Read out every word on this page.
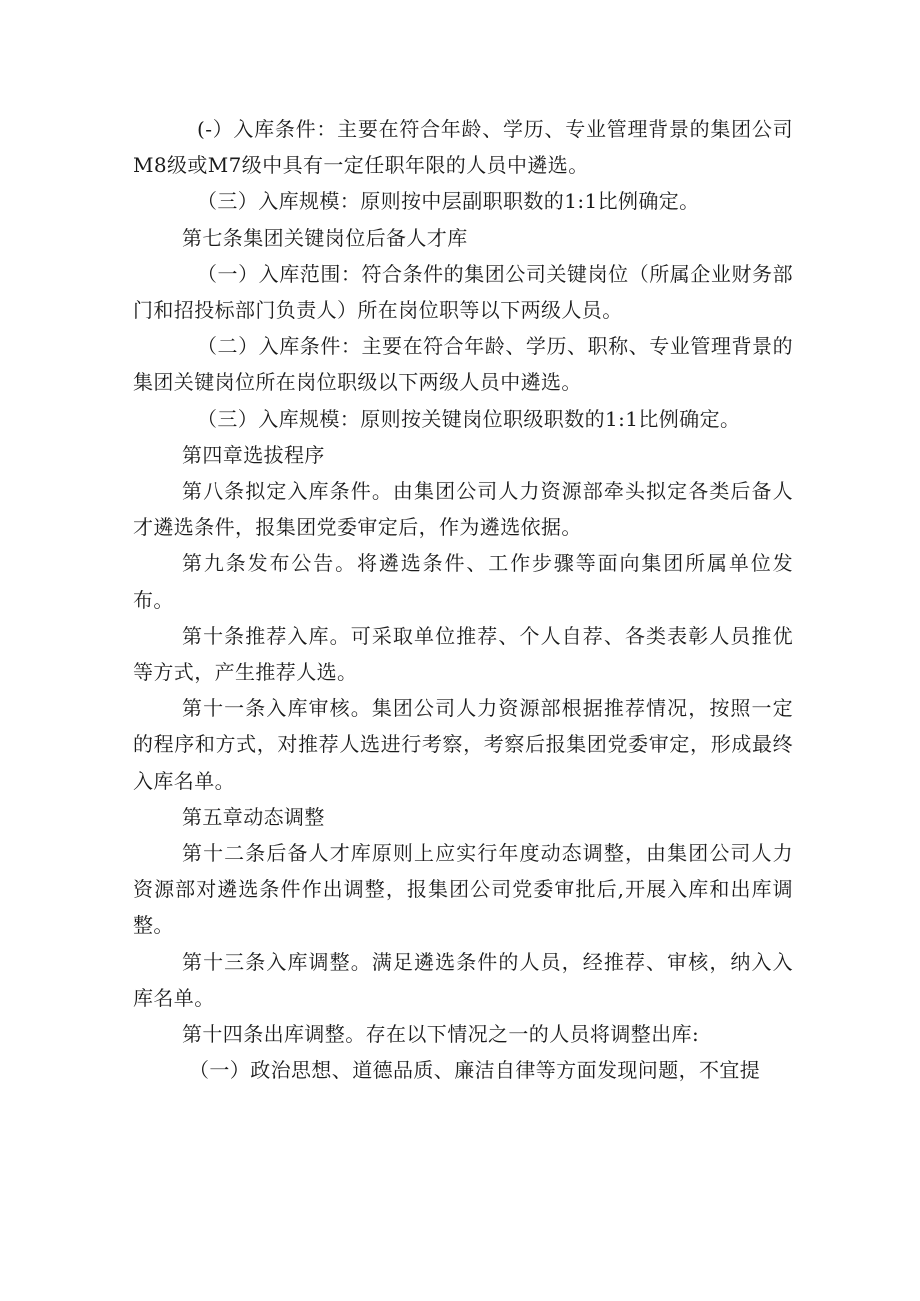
(-）入库条件：主要在符合年龄、学历、专业管理背景的集团公司M8级或M7级中具有一定任职年限的人员中遴选。

（三）入库规模：原则按中层副职职数的1:1比例确定。

第七条集团关键岗位后备人才库

（一）入库范围：符合条件的集团公司关键岗位（所属企业财务部门和招投标部门负责人）所在岗位职等以下两级人员。

（二）入库条件：主要在符合年龄、学历、职称、专业管理背景的集团关键岗位所在岗位职级以下两级人员中遴选。

（三）入库规模：原则按关键岗位职级职数的1:1比例确定。

第四章选拔程序

第八条拟定入库条件。由集团公司人力资源部牵头拟定各类后备人才遴选条件，报集团党委审定后，作为遴选依据。

第九条发布公告。将遴选条件、工作步骤等面向集团所属单位发布。

第十条推荐入库。可采取单位推荐、个人自荐、各类表彰人员推优等方式，产生推荐人选。

第十一条入库审核。集团公司人力资源部根据推荐情况，按照一定的程序和方式，对推荐人选进行考察，考察后报集团党委审定，形成最终入库名单。

第五章动态调整

第十二条后备人才库原则上应实行年度动态调整，由集团公司人力资源部对遴选条件作出调整，报集团公司党委审批后,开展入库和出库调整。

第十三条入库调整。满足遴选条件的人员，经推荐、审核，纳入入库名单。

第十四条出库调整。存在以下情况之一的人员将调整出库:

（一）政治思想、道德品质、廉洁自律等方面发现问题，不宜提
